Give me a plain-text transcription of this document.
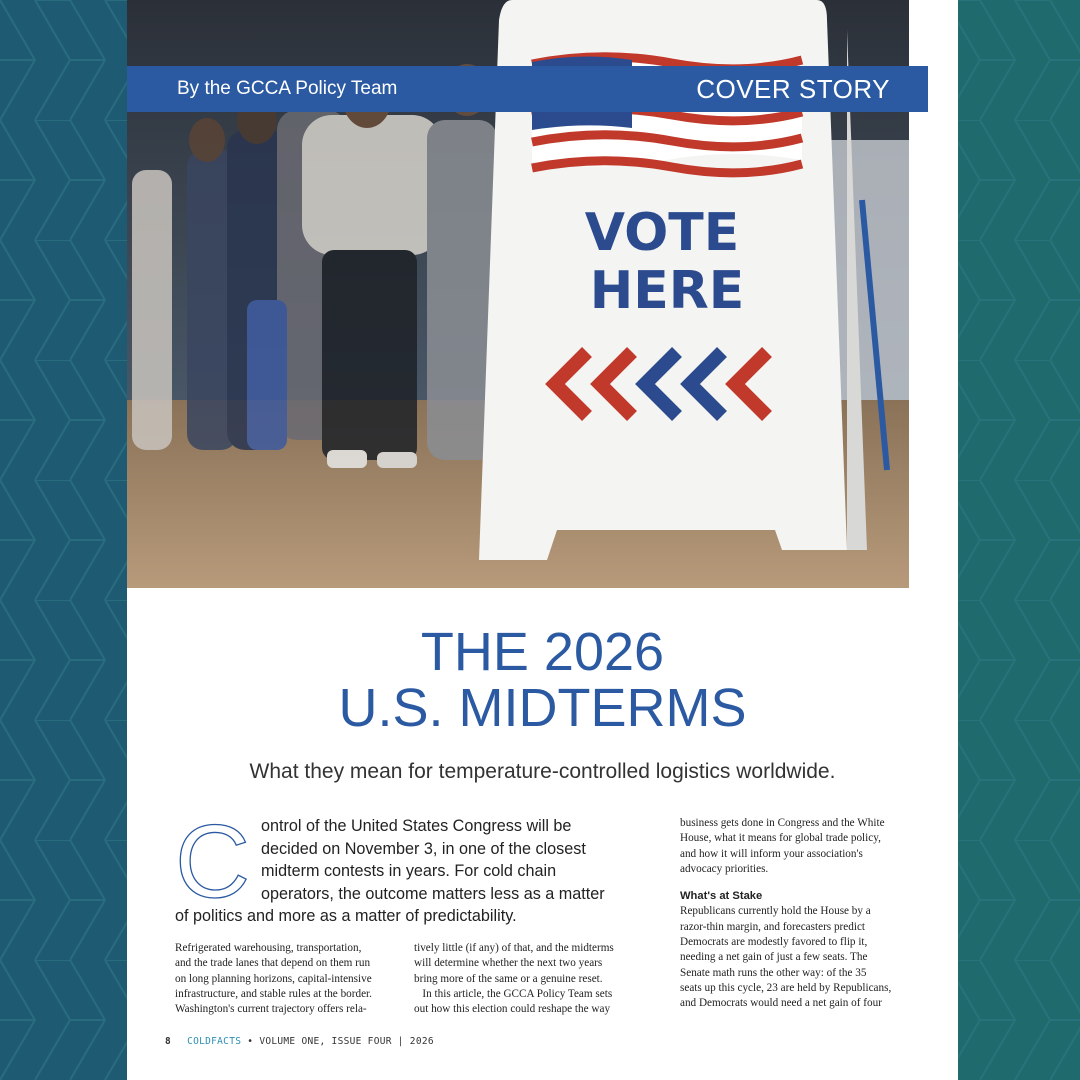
VOTE
HERE
By the GCCA Policy Team	COVER STORY
THE 2026
U.S. MIDTERMS
What they mean for temperature-controlled logistics worldwide.
C ontrol of the United States Congress will be
decided on November 3, in one of the closest
midterm contests in years. For cold chain
operators, the outcome matters less as a matter
of politics and more as a matter of predictability.
Refrigerated warehousing, transportation,
and the trade lanes that depend on them run
on long planning horizons, capital-intensive
infrastructure, and stable rules at the border.
Washington's current trajectory offers rela-
tively little (if any) of that, and the midterms
will determine whether the next two years
bring more of the same or a genuine reset.
In this article, the GCCA Policy Team sets
out how this election could reshape the way
business gets done in Congress and the White
House, what it means for global trade policy,
and how it will inform your association's
advocacy priorities.
What's at Stake
Republicans currently hold the House by a
razor-thin margin, and forecasters predict
Democrats are modestly favored to flip it,
needing a net gain of just a few seats. The
Senate math runs the other way: of the 35
seats up this cycle, 23 are held by Republicans,
and Democrats would need a net gain of four
8 COLDFACTS • VOLUME ONE, ISSUE FOUR | 2026
